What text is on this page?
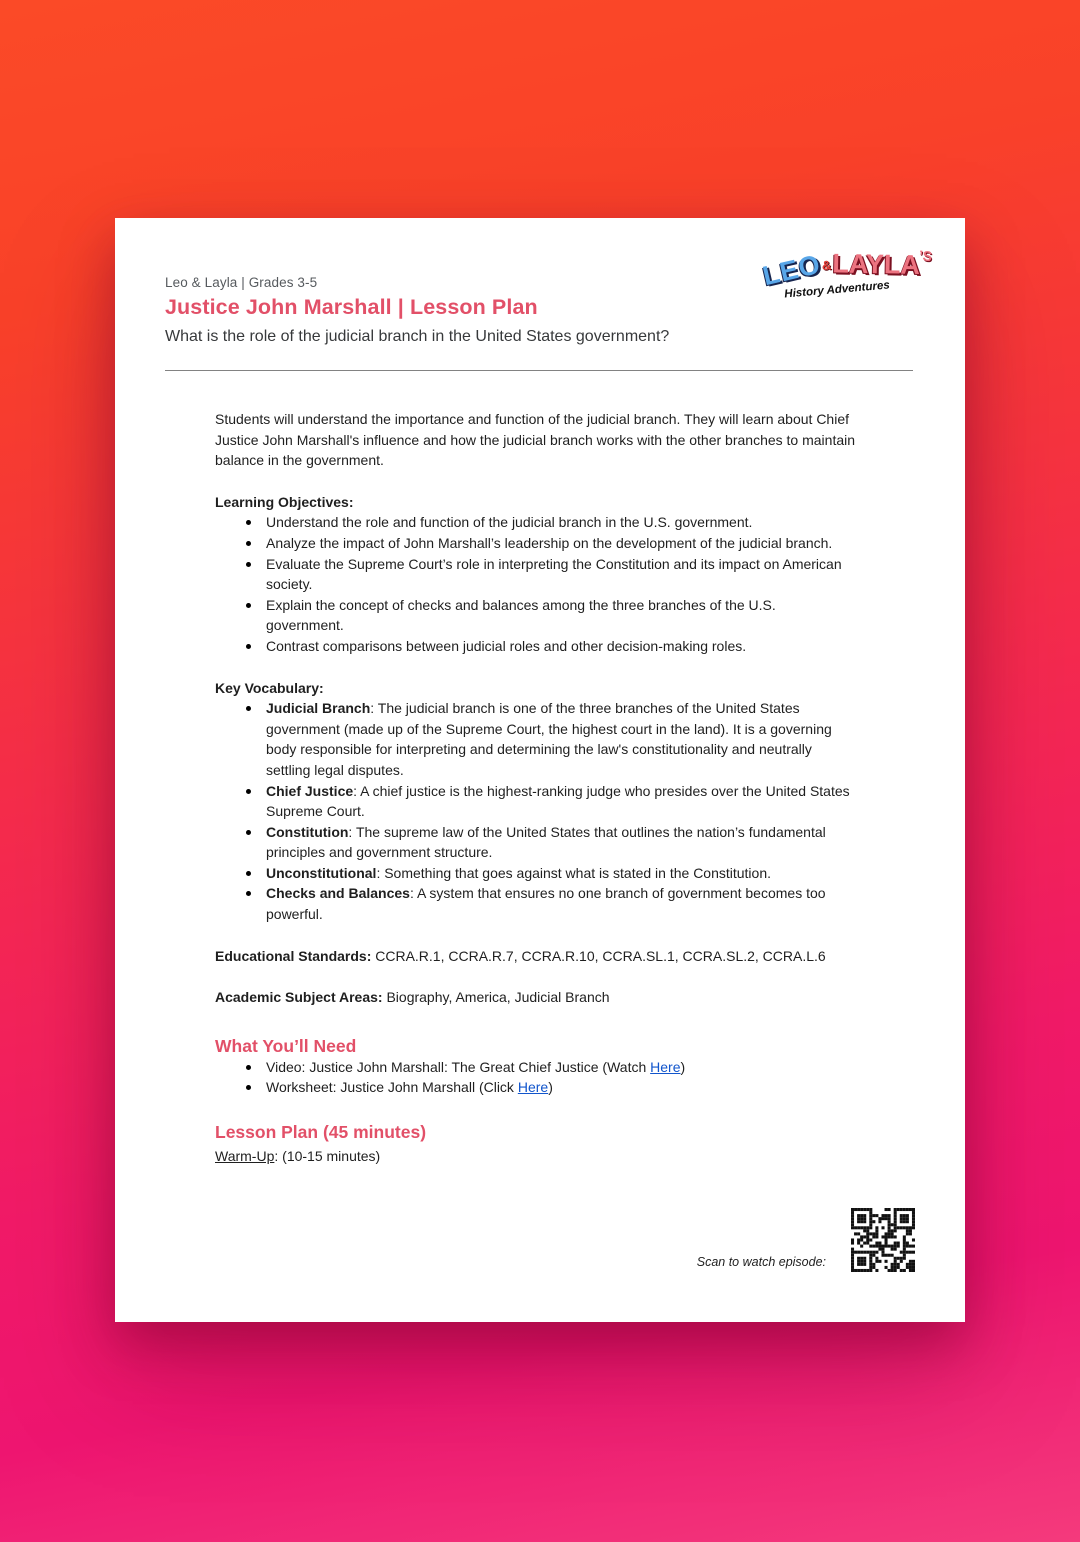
Leo & Layla | Grades 3-5
Justice John Marshall | Lesson Plan
What is the role of the judicial branch in the United States government?
LEO&LAYLA’S
History Adventures

Students will understand the importance and function of the judicial branch. They will learn about Chief Justice John Marshall's influence and how the judicial branch works with the other branches to maintain balance in the government.

Learning Objectives:
Understand the role and function of the judicial branch in the U.S. government.
Analyze the impact of John Marshall’s leadership on the development of the judicial branch.
Evaluate the Supreme Court’s role in interpreting the Constitution and its impact on American society.
Explain the concept of checks and balances among the three branches of the U.S. government.
Contrast comparisons between judicial roles and other decision-making roles.
Key Vocabulary:
Judicial Branch: The judicial branch is one of the three branches of the United States government (made up of the Supreme Court, the highest court in the land). It is a governing body responsible for interpreting and determining the law's constitutionality and neutrally settling legal disputes.
Chief Justice: A chief justice is the highest-ranking judge who presides over the United States Supreme Court.
Constitution: The supreme law of the United States that outlines the nation’s fundamental principles and government structure.
Unconstitutional: Something that goes against what is stated in the Constitution.
Checks and Balances: A system that ensures no one branch of government becomes too powerful.

Educational Standards: CCRA.R.1, CCRA.R.7, CCRA.R.10, CCRA.SL.1, CCRA.SL.2, CCRA.L.6

Academic Subject Areas: Biography, America, Judicial Branch

What You’ll Need
Video: Justice John Marshall: The Great Chief Justice (Watch Here)
Worksheet: Justice John Marshall (Click Here)
Lesson Plan (45 minutes)

Warm-Up: (10-15 minutes)

Scan to watch episode:
